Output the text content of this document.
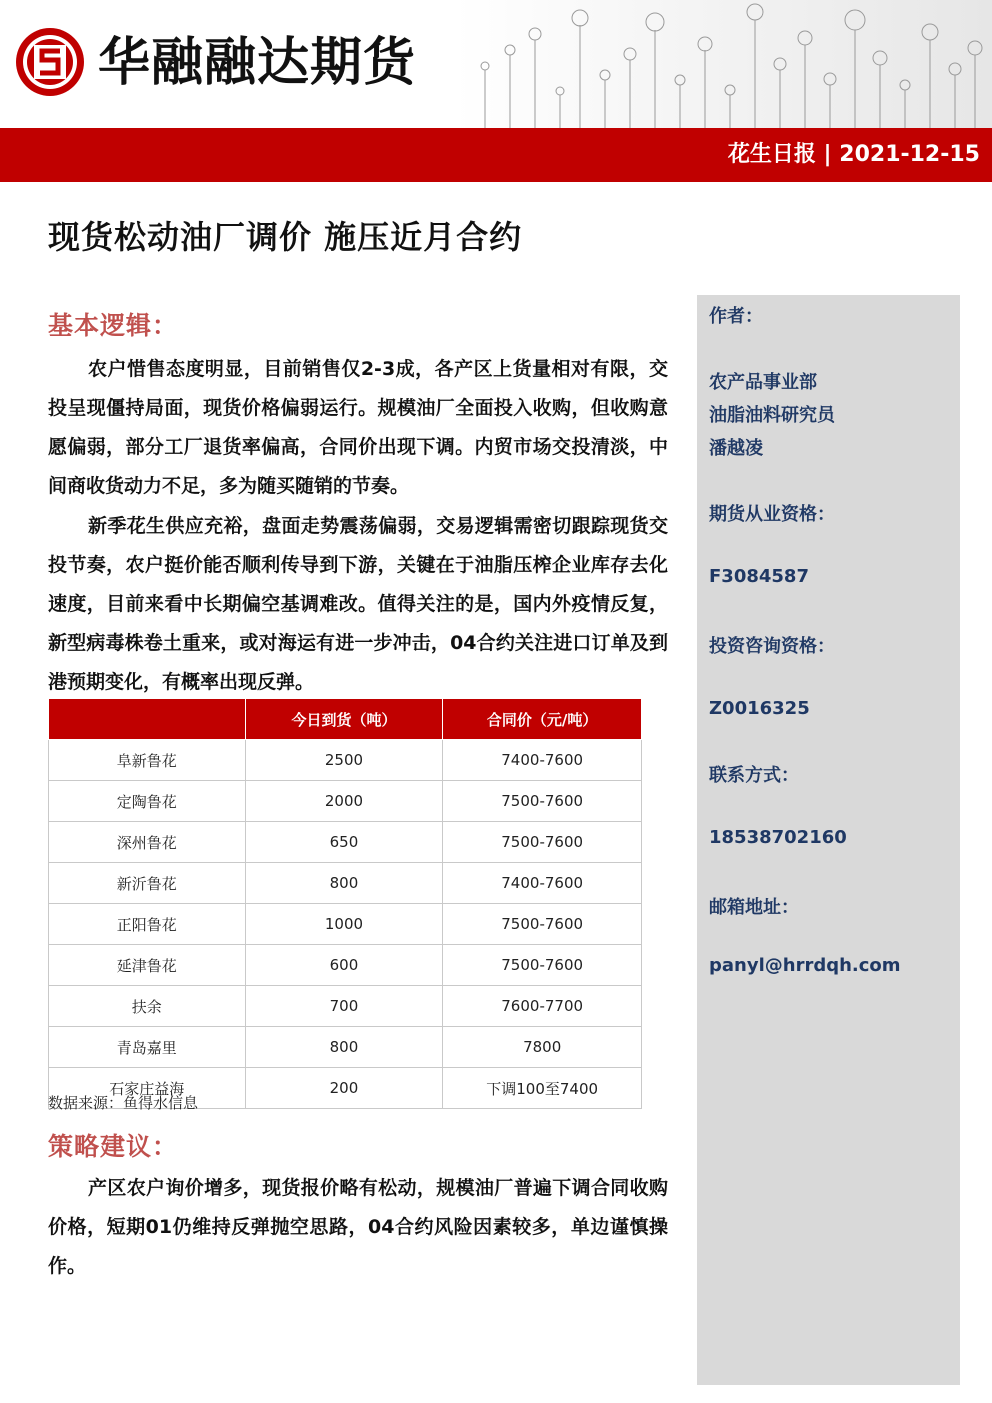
华融融达期货
花生日报 | 2021-12-15
现货松动油厂调价 施压近月合约
基本逻辑：
农户惜售态度明显，目前销售仅2-3成，各产区上货量相对有限，交投呈现僵持局面，现货价格偏弱运行。规模油厂全面投入收购，但收购意愿偏弱，部分工厂退货率偏高，合同价出现下调。内贸市场交投清淡，中间商收货动力不足，多为随买随销的节奏。
新季花生供应充裕，盘面走势震荡偏弱，交易逻辑需密切跟踪现货交投节奏，农户挺价能否顺利传导到下游，关键在于油脂压榨企业库存去化速度，目前来看中长期偏空基调难改。值得关注的是，国内外疫情反复，新型病毒株卷土重来，或对海运有进一步冲击，04合约关注进口订单及到港预期变化，有概率出现反弹。
	今日到货（吨）	合同价（元/吨）
阜新鲁花	2500	7400-7600
定陶鲁花	2000	7500-7600
深州鲁花	650	7500-7600
新沂鲁花	800	7400-7600
正阳鲁花	1000	7500-7600
延津鲁花	600	7500-7600
扶余	700	7600-7700
青岛嘉里	800	7800
石家庄益海	200	下调100至7400
数据来源：鱼得水信息
策略建议：
产区农户询价增多，现货报价略有松动，规模油厂普遍下调合同收购价格，短期01仍维持反弹抛空思路，04合约风险因素较多，单边谨慎操作。
作者：
农产品事业部
油脂油料研究员
潘越凌
期货从业资格：
F3084587
投资咨询资格：
Z0016325
联系方式：
18538702160
邮箱地址：
panyl@hrrdqh.com
